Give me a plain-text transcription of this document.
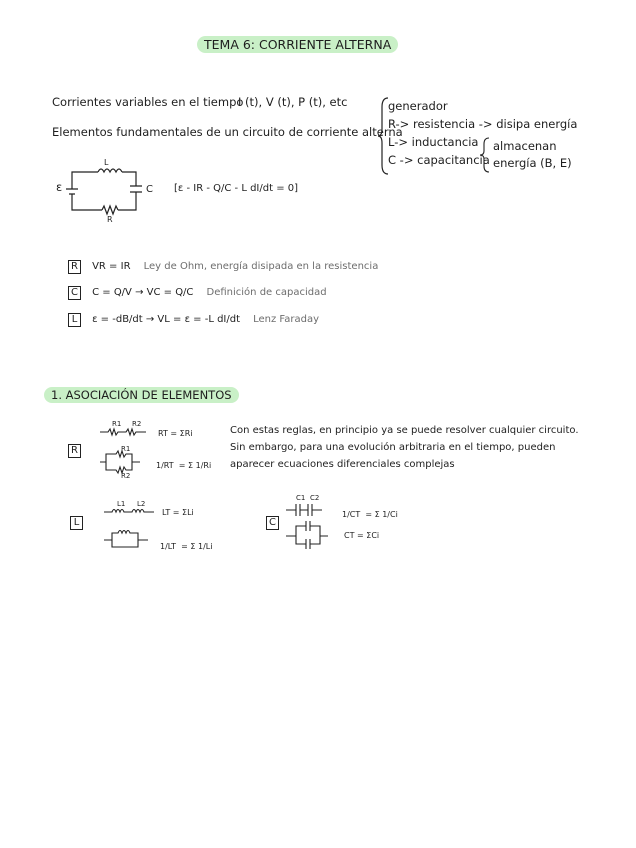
TEMA 6: CORRIENTE ALTERNA
Corrientes variables en el tiempo
I (t), V (t), P (t), etc
Elementos fundamentales de un circuito de corriente alterna
generador
R-> resistencia -> disipa energía
L-> inductancia
C -> capacitancia
almacenan
energía (B, E)
L
R
C
ε	[ε - IR - Q/C - L dI/dt = 0]
R VR = IR Ley de Ohm, energía disipada en la resistencia
C C = Q/V → VC = Q/C Definición de capacidad
L ε = -dB/dt → VL = ε = -L dI/dt Lenz Faraday
1. ASOCIACIÓN DE ELEMENTOS
Con estas reglas, en principio ya se puede resolver cualquier circuito.
Sin embargo, para una evolución arbitraria en el tiempo, pueden
aparecer ecuaciones diferenciales complejas
R
R1 R2
R1
R2
RT = ΣRi
1/RT = Σ 1/Ri
L
L1 L2
LT = ΣLi
1/LT = Σ 1/Li
C
C1 C2
1/CT = Σ 1/Ci
CT = ΣCi
